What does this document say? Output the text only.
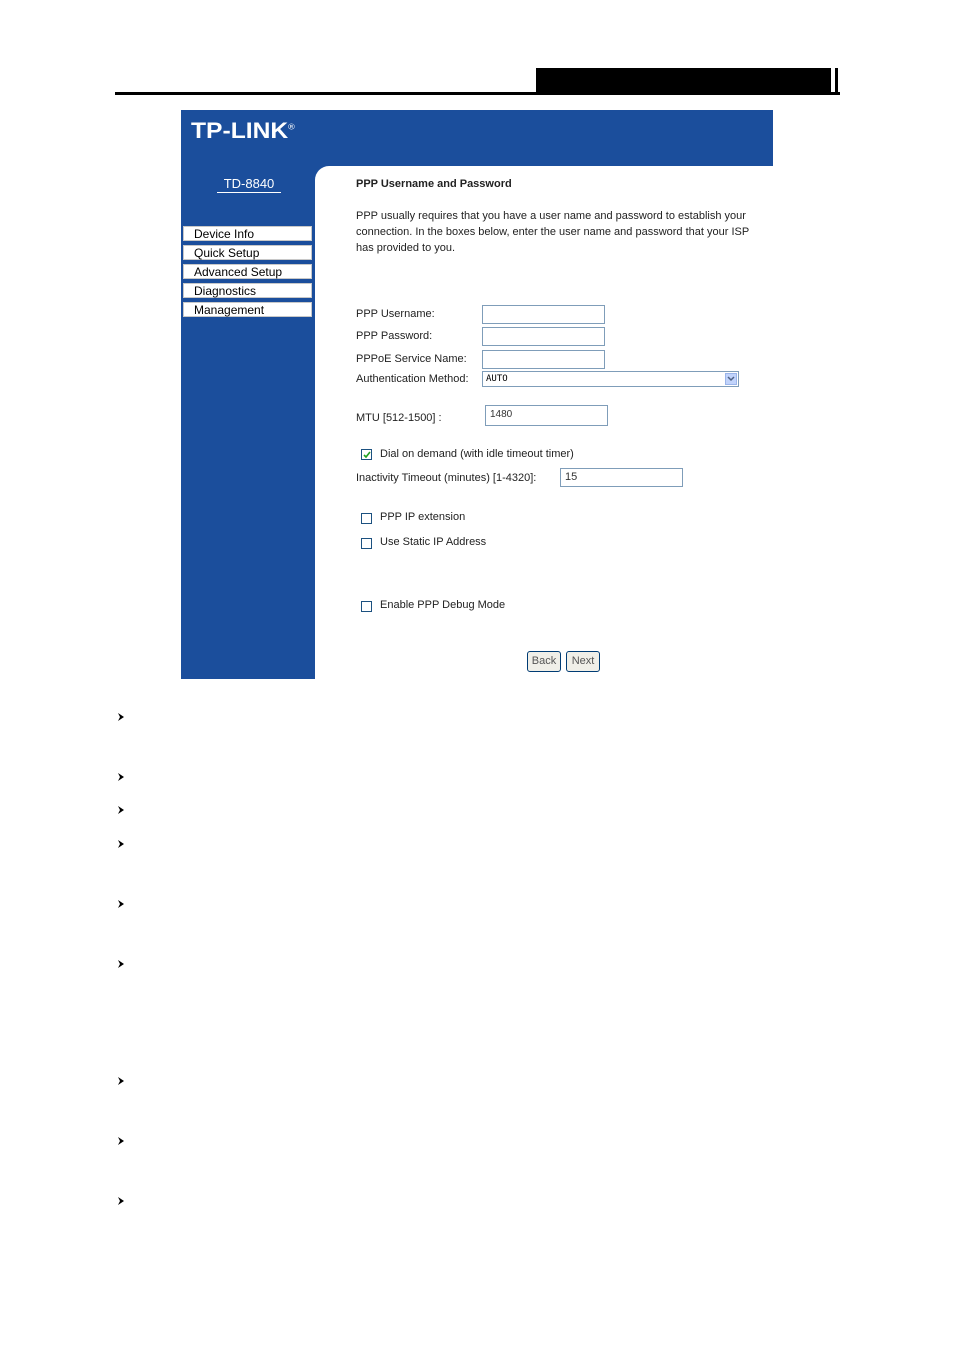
TP-LINK®
TD-8840
Device Info
Quick Setup
Advanced Setup
Diagnostics
Management
PPP Username and Password
PPP usually requires that you have a user name and password to establish your connection. In the boxes below, enter the user name and password that your ISP has provided to you.
PPP Username:
PPP Password:
PPPoE Service Name:
Authentication Method:	AUTO
MTU [512-1500] :	1480
Dial on demand (with idle timeout timer)
Inactivity Timeout (minutes) [1-4320]:	15
PPP IP extension
Use Static IP Address
Enable PPP Debug Mode
Back	Next
